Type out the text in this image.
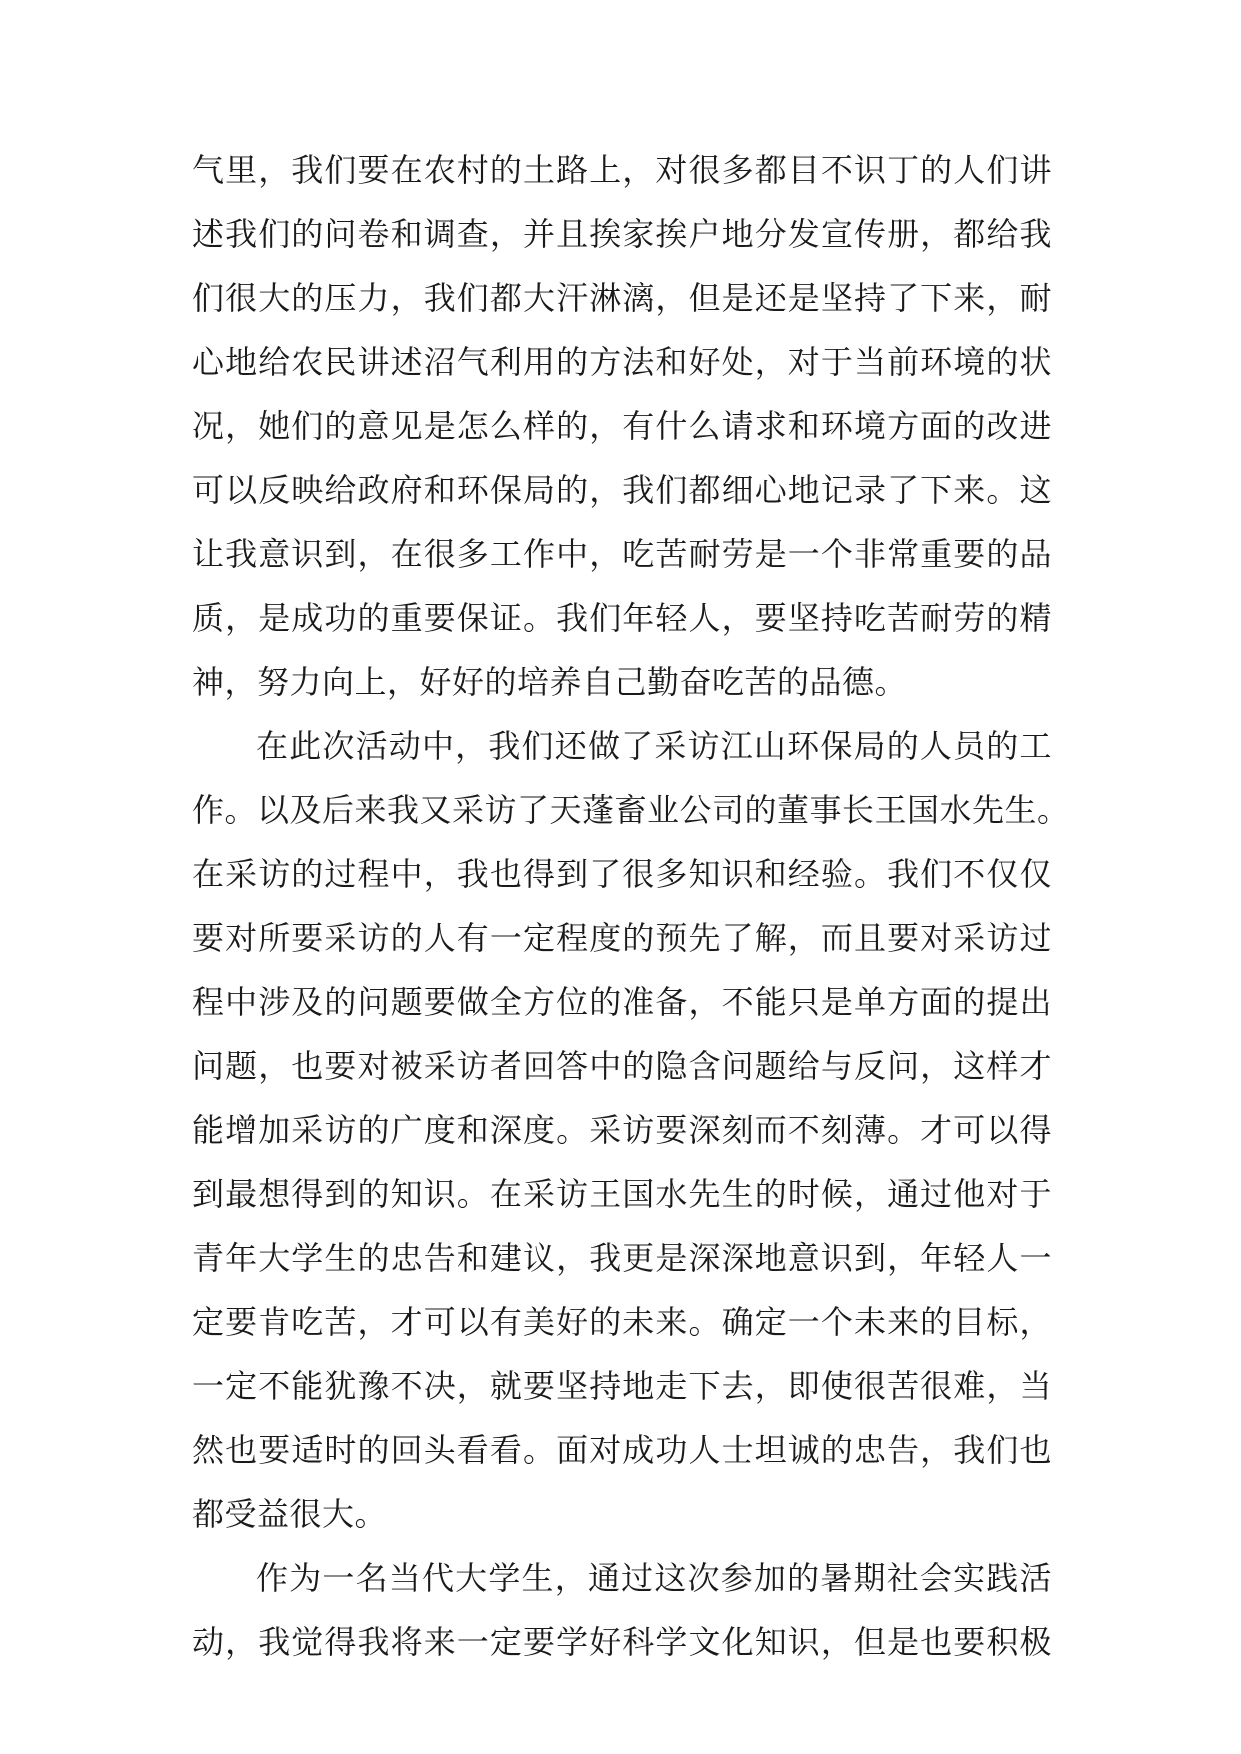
气里，我们要在农村的土路上，对很多都目不识丁的人们讲
述我们的问卷和调查，并且挨家挨户地分发宣传册，都给我
们很大的压力，我们都大汗淋漓，但是还是坚持了下来，耐
心地给农民讲述沼气利用的方法和好处，对于当前环境的状
况，她们的意见是怎么样的，有什么请求和环境方面的改进
可以反映给政府和环保局的，我们都细心地记录了下来。这
让我意识到，在很多工作中，吃苦耐劳是一个非常重要的品
质，是成功的重要保证。我们年轻人，要坚持吃苦耐劳的精
神，努力向上，好好的培养自己勤奋吃苦的品德。
在此次活动中，我们还做了采访江山环保局的人员的工
作。以及后来我又采访了天蓬畜业公司的董事长王国水先生。
在采访的过程中，我也得到了很多知识和经验。我们不仅仅
要对所要采访的人有一定程度的预先了解，而且要对采访过
程中涉及的问题要做全方位的准备，不能只是单方面的提出
问题，也要对被采访者回答中的隐含问题给与反问，这样才
能增加采访的广度和深度。采访要深刻而不刻薄。才可以得
到最想得到的知识。在采访王国水先生的时候，通过他对于
青年大学生的忠告和建议，我更是深深地意识到，年轻人一
定要肯吃苦，才可以有美好的未来。确定一个未来的目标，
一定不能犹豫不决，就要坚持地走下去，即使很苦很难，当
然也要适时的回头看看。面对成功人士坦诚的忠告，我们也
都受益很大。
作为一名当代大学生，通过这次参加的暑期社会实践活
动，我觉得我将来一定要学好科学文化知识，但是也要积极
